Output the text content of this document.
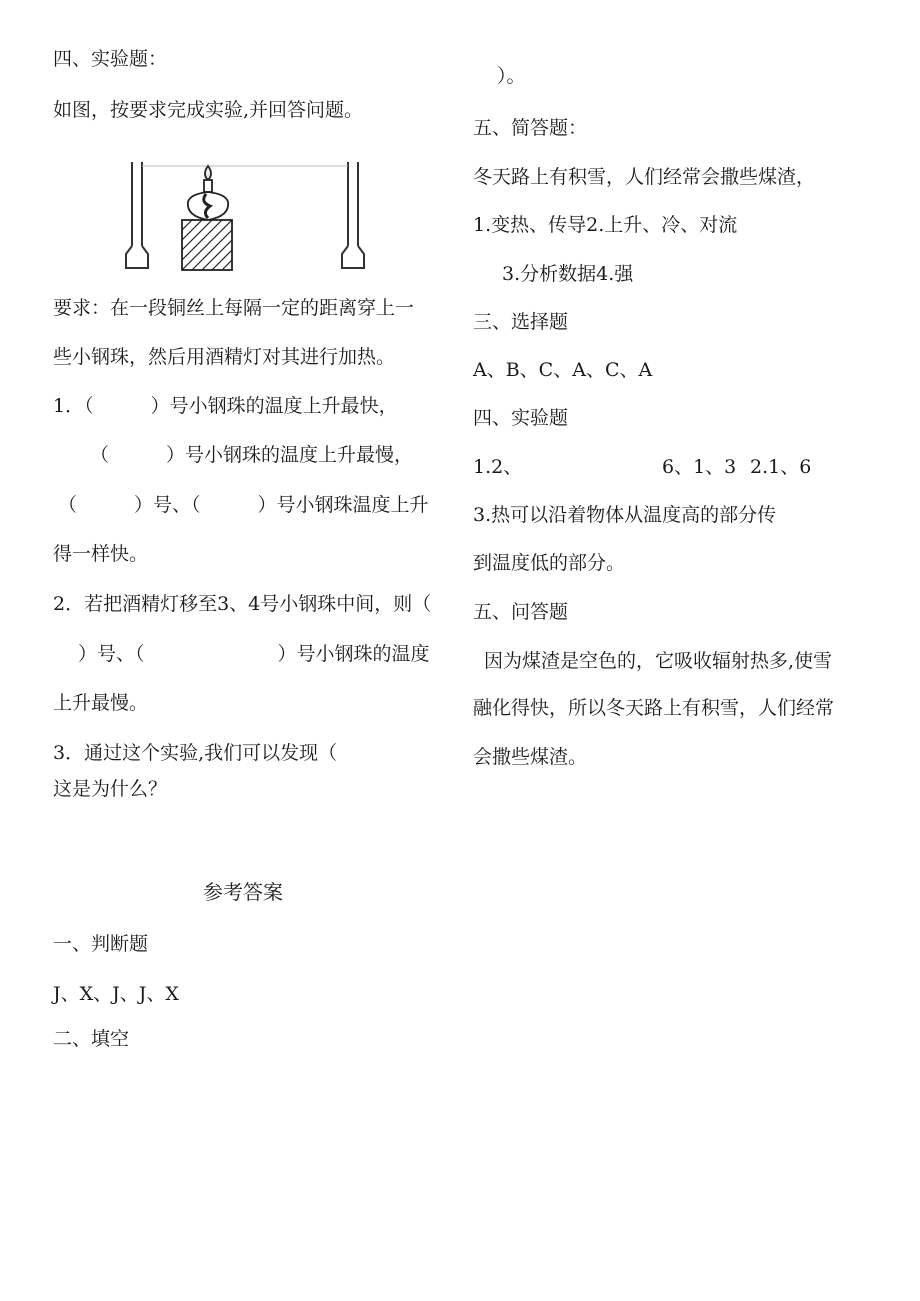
四、实验题：
如图，按要求完成实验,并回答问题。
要求：在一段铜丝上每隔一定的距离穿上一
些小钢珠，然后用酒精灯对其进行加热。
1．（　　　）号小钢珠的温度上升最快，
（　　　）号小钢珠的温度上升最慢，
（　　　）号、（　　　）号小钢珠温度上升
得一样快。
2．若把酒精灯移至3、4号小钢珠中间，则（
）号、（　　　　　　　）号小钢珠的温度
上升最慢。
3．通过这个实验,我们可以发现（
这是为什么？
参考答案
一、判断题
J、X、J、J、X
二、填空
）。
五、简答题：
冬天路上有积雪，人们经常会撒些煤渣，
1.变热、传导2.上升、冷、对流
3.分析数据4.强
三、选择题
A、B、C、A、C、A
四、实验题
1.2、	6、1、3 2.1、6
3.热可以沿着物体从温度高的部分传
到温度低的部分。
五、问答题
因为煤渣是空色的，它吸收辐射热多,使雪
融化得快，所以冬天路上有积雪，人们经常
会撒些煤渣。
